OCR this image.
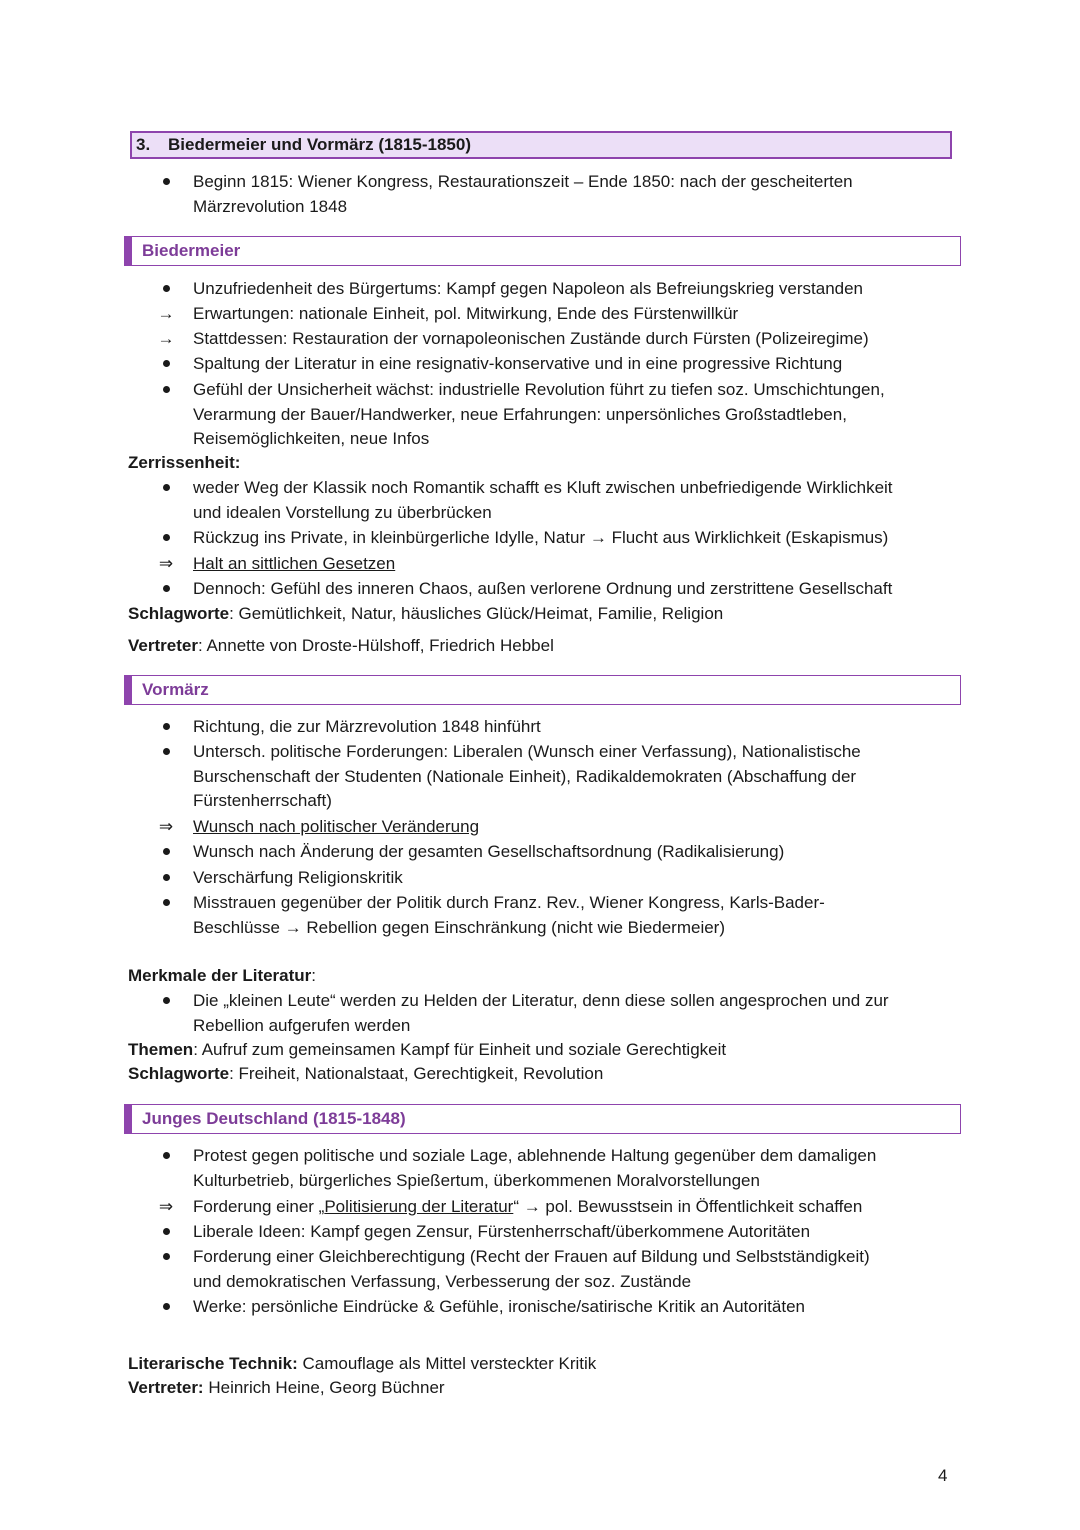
3.	Biedermeier und Vormärz (1815-1850)
Beginn 1815: Wiener Kongress, Restaurationszeit – Ende 1850: nach der gescheiterten
Märzrevolution 1848
Biedermeier
Unzufriedenheit des Bürgertums: Kampf gegen Napoleon als Befreiungskrieg verstanden
→ Erwartungen: nationale Einheit, pol. Mitwirkung, Ende des Fürstenwillkür
→ Stattdessen: Restauration der vornapoleonischen Zustände durch Fürsten (Polizeiregime)
Spaltung der Literatur in eine resignativ-konservative und in eine progressive Richtung
Gefühl der Unsicherheit wächst: industrielle Revolution führt zu tiefen soz. Umschichtungen,
Verarmung der Bauer/Handwerker, neue Erfahrungen: unpersönliches Großstadtleben,
Reisemöglichkeiten, neue Infos
Zerrissenheit:
weder Weg der Klassik noch Romantik schafft es Kluft zwischen unbefriedigende Wirklichkeit
und idealen Vorstellung zu überbrücken
Rückzug ins Private, in kleinbürgerliche Idylle, Natur → Flucht aus Wirklichkeit (Eskapismus)
⇒ Halt an sittlichen Gesetzen
Dennoch: Gefühl des inneren Chaos, außen verlorene Ordnung und zerstrittene Gesellschaft
Schlagworte: Gemütlichkeit, Natur, häusliches Glück/Heimat, Familie, Religion
Vertreter: Annette von Droste-Hülshoff, Friedrich Hebbel
Vormärz
Richtung, die zur Märzrevolution 1848 hinführt
Untersch. politische Forderungen: Liberalen (Wunsch einer Verfassung), Nationalistische
Burschenschaft der Studenten (Nationale Einheit), Radikaldemokraten (Abschaffung der
Fürstenherrschaft)
⇒ Wunsch nach politischer Veränderung
Wunsch nach Änderung der gesamten Gesellschaftsordnung (Radikalisierung)
Verschärfung Religionskritik
Misstrauen gegenüber der Politik durch Franz. Rev., Wiener Kongress, Karls-Bader-
Beschlüsse → Rebellion gegen Einschränkung (nicht wie Biedermeier)
Merkmale der Literatur:
Die „kleinen Leute“ werden zu Helden der Literatur, denn diese sollen angesprochen und zur
Rebellion aufgerufen werden
Themen: Aufruf zum gemeinsamen Kampf für Einheit und soziale Gerechtigkeit
Schlagworte: Freiheit, Nationalstaat, Gerechtigkeit, Revolution
Junges Deutschland (1815-1848)
Protest gegen politische und soziale Lage, ablehnende Haltung gegenüber dem damaligen
Kulturbetrieb, bürgerliches Spießertum, überkommenen Moralvorstellungen
⇒ Forderung einer „Politisierung der Literatur“ → pol. Bewusstsein in Öffentlichkeit schaffen
Liberale Ideen: Kampf gegen Zensur, Fürstenherrschaft/überkommene Autoritäten
Forderung einer Gleichberechtigung (Recht der Frauen auf Bildung und Selbstständigkeit)
und demokratischen Verfassung, Verbesserung der soz. Zustände
Werke: persönliche Eindrücke & Gefühle, ironische/satirische Kritik an Autoritäten
Literarische Technik: Camouflage als Mittel versteckter Kritik
Vertreter: Heinrich Heine, Georg Büchner
4
